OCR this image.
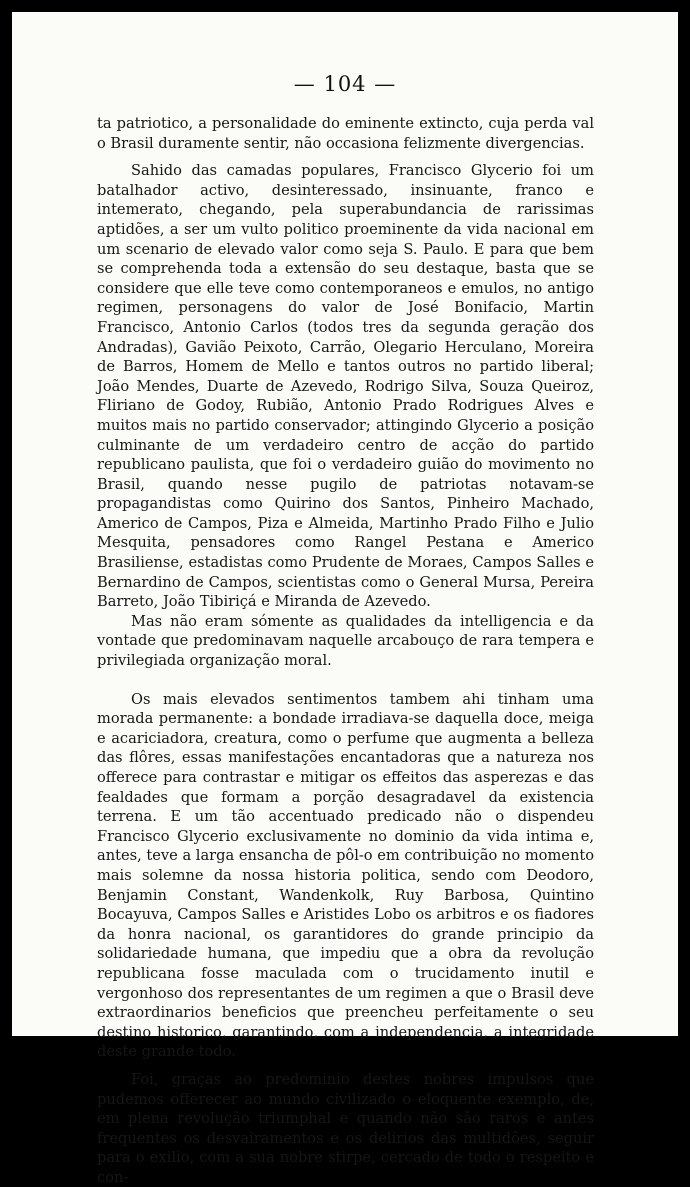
— 104 —

ta patriotico, a personalidade do eminente extincto, cuja perda val o Brasil duramente sentir, não occasiona felizmente divergencias.

Sahido das camadas populares, Francisco Glycerio foi um batalhador activo, desinteressado, insinuante, franco e intemerato, chegando, pela superabundancia de rarissimas aptidões, a ser um vulto politico proeminente da vida nacional em um scenario de elevado valor como seja S. Paulo. E para que bem se comprehenda toda a extensão do seu destaque, basta que se considere que elle teve como contemporaneos e emulos, no antigo regimen, personagens do valor de José Bonifacio, Martin Francisco, Antonio Carlos (todos tres da segunda geração dos Andradas), Gavião Peixoto, Carrão, Olegario Herculano, Moreira de Barros, Homem de Mello e tantos outros no partido liberal; João Mendes, Duarte de Azevedo, Rodrigo Silva, Souza Queiroz, Fliriano de Godoy, Rubião, Antonio Prado Rodrigues Alves e muitos mais no partido conservador; attingindo Glycerio a posição culminante de um verdadeiro centro de acção do partido republicano paulista, que foi o verdadeiro guião do movimento no Brasil, quando nesse pugilo de patriotas notavam-se propagandistas como Quirino dos Santos, Pinheiro Machado, Americo de Campos, Piza e Almeida, Martinho Prado Filho e Julio Mesquita, pensadores como Rangel Pestana e Americo Brasiliense, estadistas como Prudente de Moraes, Campos Salles e Bernardino de Campos, scientistas como o General Mursa, Pereira Barreto, João Tibiriçá e Miranda de Azevedo.

Mas não eram sómente as qualidades da intelligencia e da vontade que predominavam naquelle arcabouço de rara tempera e privilegiada organização moral.

Os mais elevados sentimentos tambem ahi tinham uma morada permanente: a bondade irradiava-se daquella doce, meiga e acariciadora, creatura, como o perfume que augmenta a belleza das flôres, essas manifestações encantadoras que a natureza nos offerece para contrastar e mitigar os effeitos das asperezas e das fealdades que formam a porção desagradavel da existencia terrena. E um tão accentuado predicado não o dispendeu Francisco Glycerio exclusivamente no dominio da vida intima e, antes, teve a larga ensancha de pôl-o em contribuição no momento mais solemne da nossa historia politica, sendo com Deodoro, Benjamin Constant, Wandenkolk, Ruy Barbosa, Quintino Bocayuva, Campos Salles e Aristides Lobo os arbitros e os fiadores da honra nacional, os garantidores do grande principio da solidariedade humana, que impediu que a obra da revolução republicana fosse maculada com o trucidamento inutil e vergonhoso dos representantes de um regimen a que o Brasil deve extraordinarios beneficios que preencheu perfeitamente o seu destino historico, garantindo, com a independencia, a integridade deste grande todo.

Foi, graças ao predominio destes nobres impulsos que pudemos offerecer ao mundo civilizado o eloquente exemplo, de, em plena revolução triumphal e quando não são raros e antes frequentes os desvairamentos e os delirios das multidões, seguir para o exilio, com a sua nobre stirpe, cercado de todo o respeito e con-
